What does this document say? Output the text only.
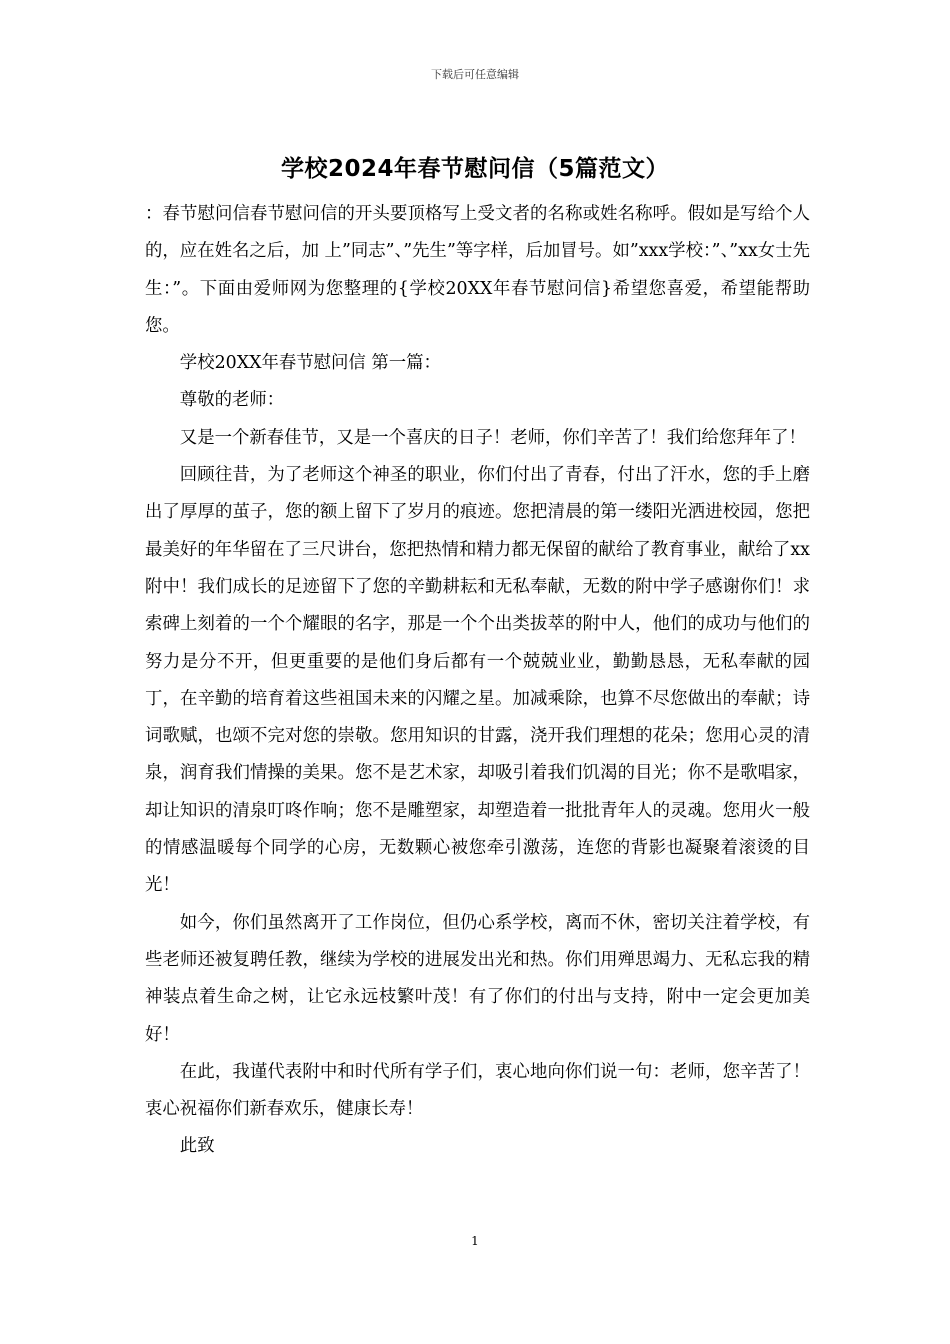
下载后可任意编辑
学校2024年春节慰问信（5篇范文）

：春节慰问信春节慰问信的开头要顶格写上受文者的名称或姓名称呼。假如是写给个人的，应在姓名之后，加 上”同志”、”先生”等字样，后加冒号。如”xxx学校：”、”xx女士先生：”。下面由爱师网为您整理的{学校20XX年春节慰问信}希望您喜爱，希望能帮助您。

学校20XX年春节慰问信 第一篇：

尊敬的老师：

又是一个新春佳节，又是一个喜庆的日子！老师，你们辛苦了！我们给您拜年了！

回顾往昔，为了老师这个神圣的职业，你们付出了青春，付出了汗水，您的手上磨出了厚厚的茧子，您的额上留下了岁月的痕迹。您把清晨的第一缕阳光洒进校园，您把最美好的年华留在了三尺讲台，您把热情和精力都无保留的献给了教育事业，献给了xx附中！我们成长的足迹留下了您的辛勤耕耘和无私奉献，无数的附中学子感谢你们！求索碑上刻着的一个个耀眼的名字，那是一个个出类拔萃的附中人，他们的成功与他们的努力是分不开，但更重要的是他们身后都有一个兢兢业业，勤勤恳恳，无私奉献的园丁，在辛勤的培育着这些祖国未来的闪耀之星。加减乘除，也算不尽您做出的奉献；诗词歌赋，也颂不完对您的崇敬。您用知识的甘露，浇开我们理想的花朵；您用心灵的清泉，润育我们情操的美果。您不是艺术家，却吸引着我们饥渴的目光；你不是歌唱家，却让知识的清泉叮咚作响；您不是雕塑家，却塑造着一批批青年人的灵魂。您用火一般的情感温暖每个同学的心房，无数颗心被您牵引激荡，连您的背影也凝聚着滚烫的目光！

如今，你们虽然离开了工作岗位，但仍心系学校，离而不休，密切关注着学校，有些老师还被复聘任教，继续为学校的进展发出光和热。你们用殚思竭力、无私忘我的精神装点着生命之树，让它永远枝繁叶茂！有了你们的付出与支持，附中一定会更加美好！

在此，我谨代表附中和时代所有学子们，衷心地向你们说一句：老师，您辛苦了！衷心祝福你们新春欢乐，健康长寿！

此致

1
